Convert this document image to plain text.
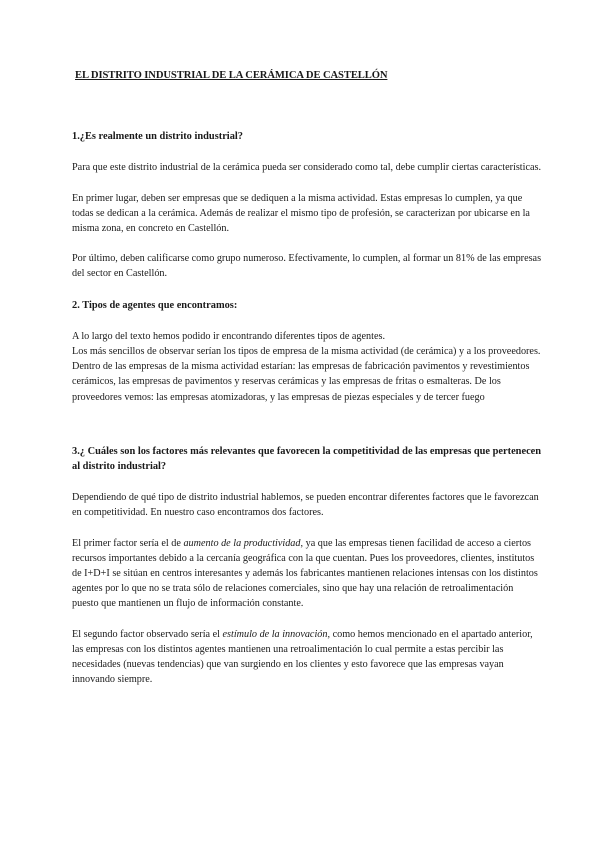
EL DISTRITO INDUSTRIAL DE LA CERÁMICA DE CASTELLÓN
1.¿Es realmente un distrito industrial?

Para que este distrito industrial de la cerámica pueda ser considerado como tal, debe cumplir ciertas características.

En primer lugar, deben ser empresas que se dediquen a la misma actividad. Estas empresas lo cumplen, ya que todas se dedican a la cerámica. Además de realizar el mismo tipo de profesión, se caracterizan por ubicarse en la misma zona, en concreto en Castellón.

Por último, deben calificarse como grupo numeroso. Efectivamente, lo cumplen, al formar un 81% de las empresas del sector en Castellón.

2. Tipos de agentes que encontramos:

A lo largo del texto hemos podido ir encontrando diferentes tipos de agentes.

Los más sencillos de observar serían los tipos de empresa de la misma actividad (de cerámica) y a los proveedores. Dentro de las empresas de la misma actividad estarían: las empresas de fabricación pavimentos y revestimientos cerámicos, las empresas de pavimentos y reservas cerámicas y las empresas de fritas o esmalteras. De los proveedores vemos: las empresas atomizadoras, y las empresas de piezas especiales y de tercer fuego

3.¿ Cuáles son los factores más relevantes que favorecen la competitividad de las empresas que pertenecen al distrito industrial?

Dependiendo de qué tipo de distrito industrial hablemos, se pueden encontrar diferentes factores que le favorezcan en competitividad. En nuestro caso encontramos dos factores.

El primer factor sería el de aumento de la productividad, ya que las empresas tienen facilidad de acceso a ciertos recursos importantes debido a la cercanía geográfica con la que cuentan. Pues los proveedores, clientes, institutos de I+D+I se sitúan en centros interesantes y además los fabricantes mantienen relaciones intensas con los distintos agentes por lo que no se trata sólo de relaciones comerciales, sino que hay una relación de retroalimentación puesto que mantienen un flujo de información constante.

El segundo factor observado sería el estímulo de la innovación, como hemos mencionado en el apartado anterior, las empresas con los distintos agentes mantienen una retroalimentación lo cual permite a estas percibir las necesidades (nuevas tendencias) que van surgiendo en los clientes y esto favorece que las empresas vayan innovando siempre.
